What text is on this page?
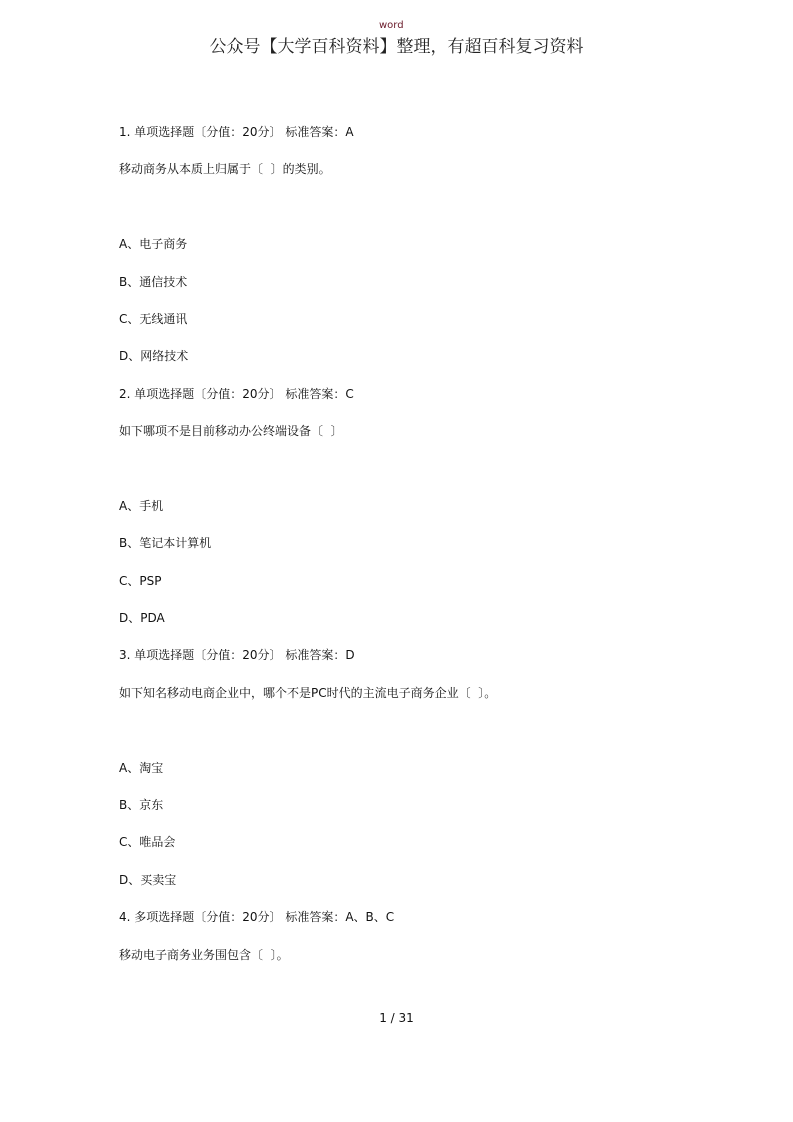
word
公众号【大学百科资料】整理，有超百科复习资料
1. 单项选择题〔分值：20分〕 标准答案：A
移动商务从本质上归属于〔  〕的类别。
A、电子商务
B、通信技术
C、无线通讯
D、网络技术
2. 单项选择题〔分值：20分〕 标准答案：C
如下哪项不是目前移动办公终端设备〔  〕
A、手机
B、笔记本计算机
C、PSP
D、PDA
3. 单项选择题〔分值：20分〕 标准答案：D
如下知名移动电商企业中，哪个不是PC时代的主流电子商务企业〔  〕。
A、淘宝
B、京东
C、唯品会
D、买卖宝
4. 多项选择题〔分值：20分〕 标准答案：A、B、C
移动电子商务业务围包含〔  〕。
1 / 31
